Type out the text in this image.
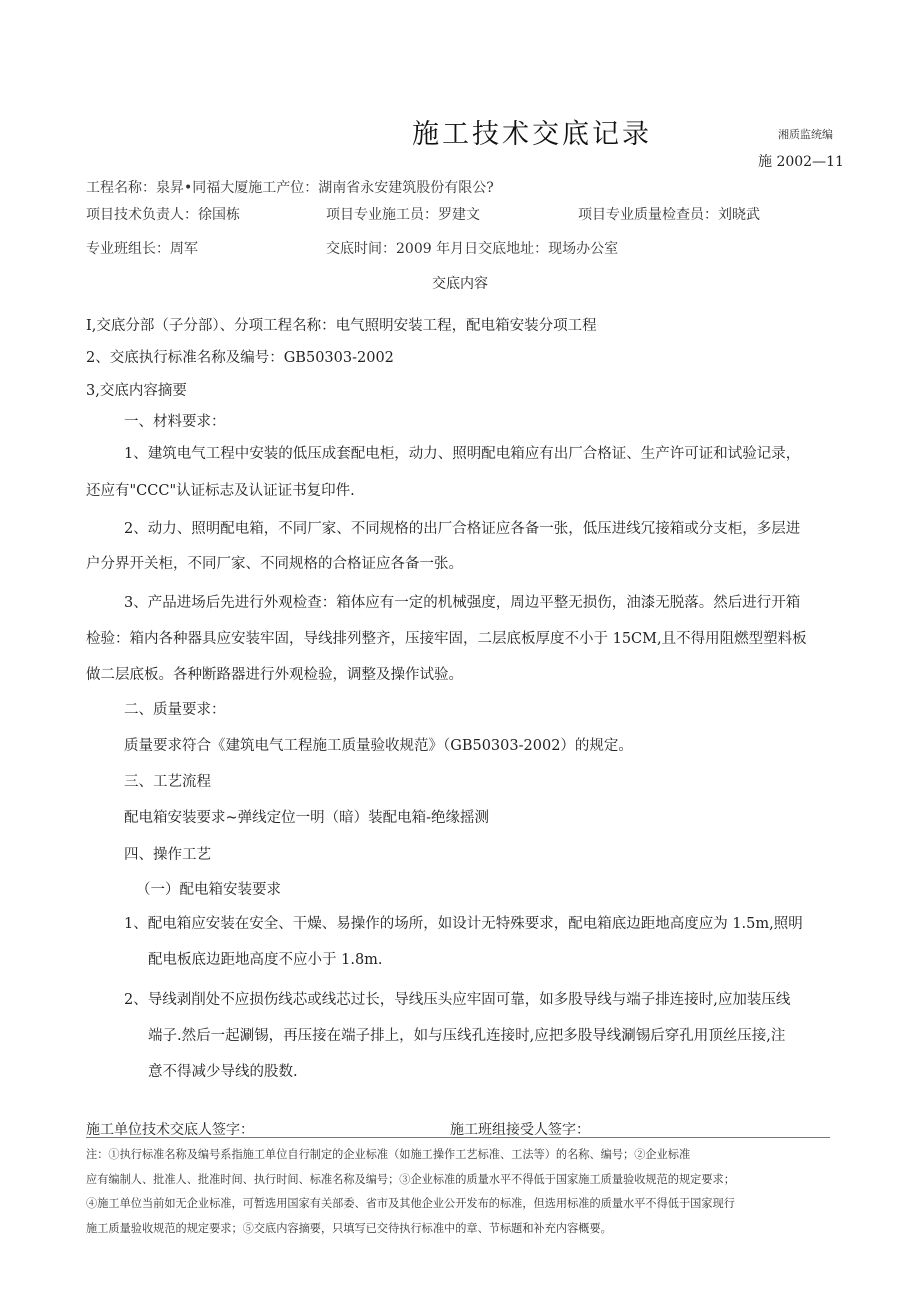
施工技术交底记录	湘质监统编
施 2002—11
工程名称：泉昇•同福大厦施工产位：湖南省永安建筑股份有限公?
项目技术负责人：徐国栋	项目专业施工员：罗建文	项目专业质量检查员：刘晓武
专业班组长：周军	交底时间：2009 年月日交底地址：现场办公室
交底内容
I,交底分部（子分部）、分项工程名称：电气照明安装工程，配电箱安装分项工程
2、交底执行标准名称及编号：GB50303-2002
3,交底内容摘要
一、材料要求：
1、建筑电气工程中安装的低压成套配电柜，动力、照明配电箱应有出厂合格证、生产许可证和试验记录，
还应有"CCC"认证标志及认证证书复印件.
2、动力、照明配电箱，不同厂家、不同规格的出厂合格证应各备一张，低压进线冗接箱或分支柜，多层进
户分界开关柜，不同厂家、不同规格的合格证应各备一张。
3、产品进场后先进行外观检查：箱体应有一定的机械强度，周边平整无损伤，油漆无脱落。然后进行开箱
检验：箱内各种器具应安装牢固，导线排列整齐，压接牢固，二层底板厚度不小于 15CM,且不得用阻燃型塑料板
做二层底板。各种断路器进行外观检验，调整及操作试验。
二、质量要求：
质量要求符合《建筑电气工程施工质量验收规范》（GB50303-2002）的规定。
三、工艺流程
配电箱安装要求~弹线定位一明（暗）装配电箱-绝缘摇测
四、操作工艺
（一）配电箱安装要求
1、配电箱应安装在安全、干燥、易操作的场所，如设计无特殊要求，配电箱底边距地高度应为 1.5m,照明
配电板底边距地高度不应小于 1.8m.
2、导线剥削处不应损伤线芯或线芯过长，导线压头应牢固可靠，如多股导线与端子排连接时,应加装压线
端子.然后一起涮锡，再压接在端子排上，如与压线孔连接时,应把多股导线涮锡后穿孔用顶丝压接,注
意不得减少导线的股数.
施工单位技术交底人签字：	施工班组接受人签字：
注：①执行标准名称及编号系指施工单位自行制定的企业标准（如施工操作工艺标准、工法等）的名称、编号；②企业标准
应有编制人、批准人、批准时间、执行时间、标准名称及编号；③企业标准的质量水平不得低于国家施工质量验收规范的规定要求；
④施工单位当前如无企业标准，可暂选用国家有关部委、省市及其他企业公开发布的标准，但选用标准的质量水平不得低于国家现行
施工质量验收规范的规定要求；⑤交底内容摘要，只填写已交待执行标准中的章、节标题和补充内容概要。
